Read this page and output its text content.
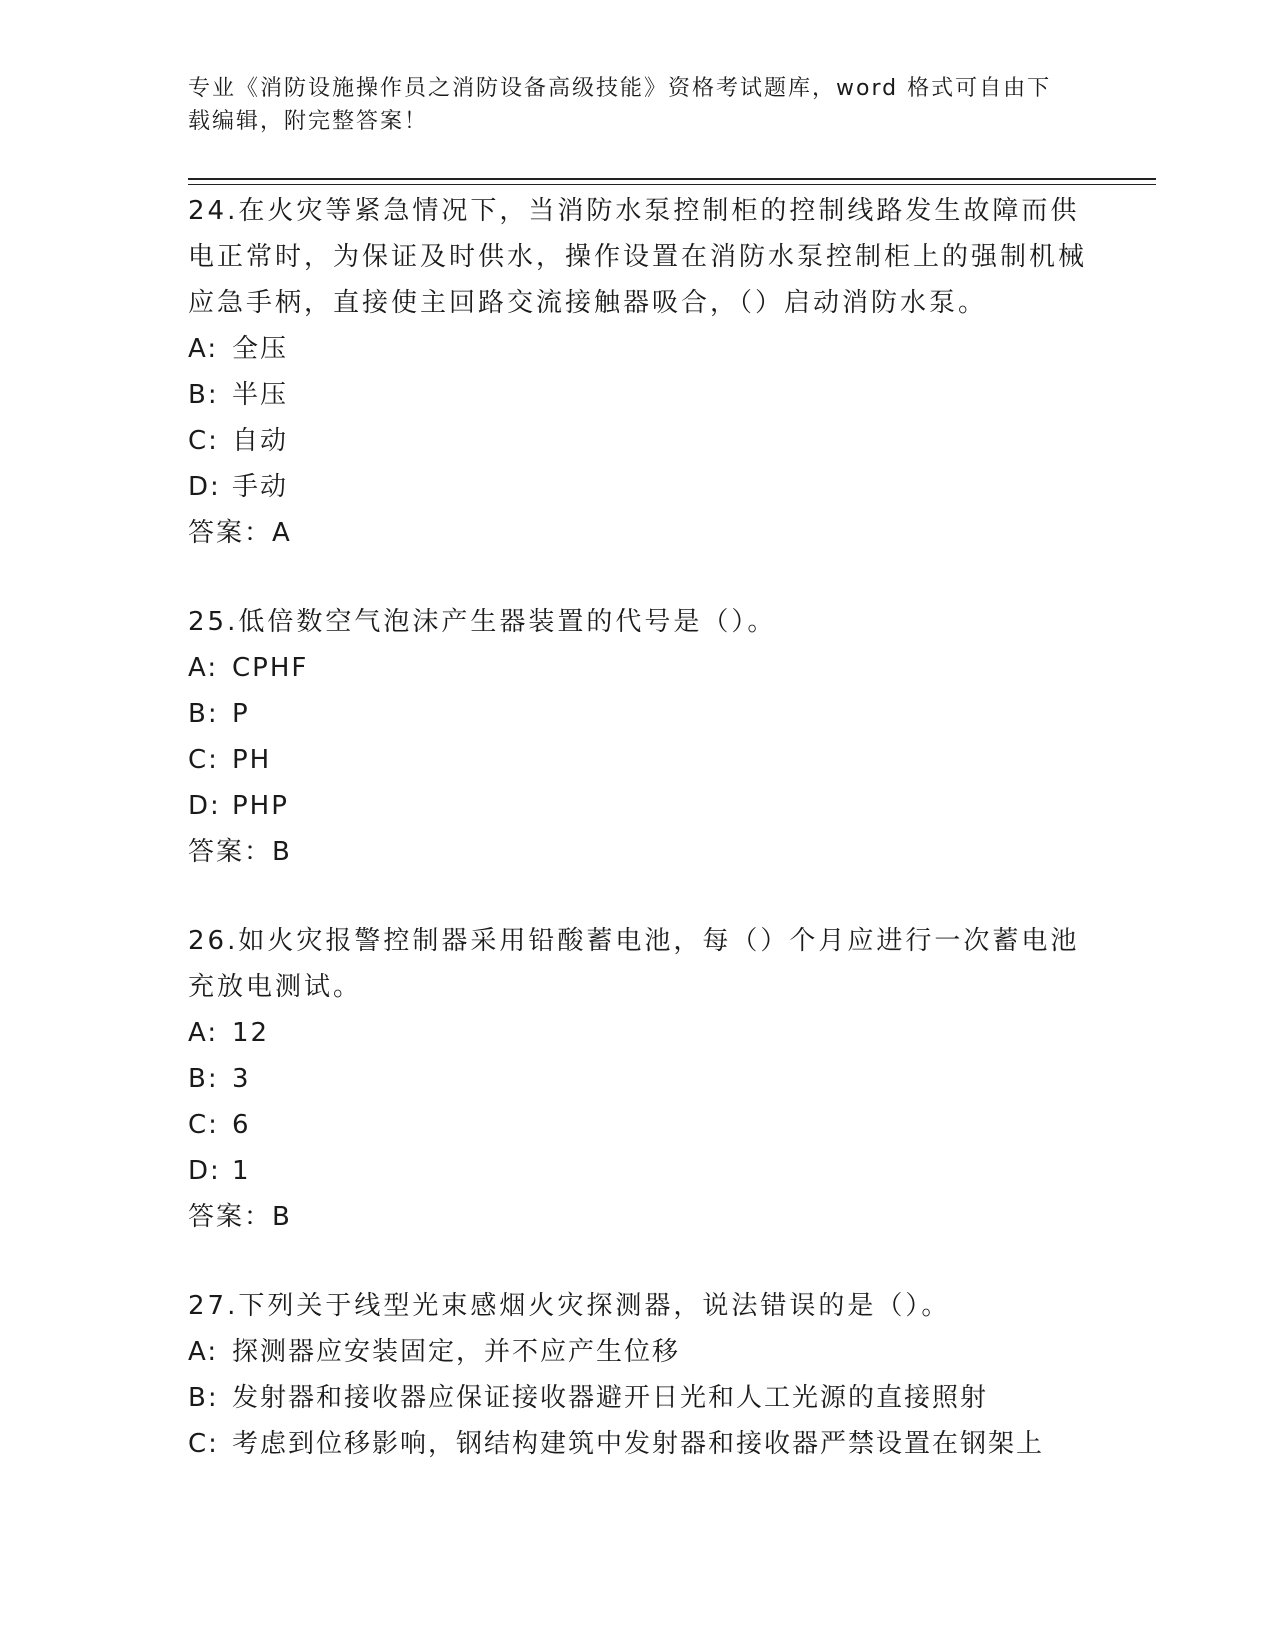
专业《消防设施操作员之消防设备高级技能》资格考试题库，word 格式可自由下载编辑，附完整答案！

24.在火灾等紧急情况下，当消防水泵控制柜的控制线路发生故障而供电正常时，为保证及时供水，操作设置在消防水泵控制柜上的强制机械应急手柄，直接使主回路交流接触器吸合，（）启动消防水泵。

A: 全压

B: 半压

C: 自动

D: 手动

答案：A

25.低倍数空气泡沫产生器装置的代号是（）。

A: CPHF

B: P

C: PH

D: PHP

答案：B

26.如火灾报警控制器采用铅酸蓄电池，每（）个月应进行一次蓄电池充放电测试。

A: 12

B: 3

C: 6

D: 1

答案：B

27.下列关于线型光束感烟火灾探测器，说法错误的是（）。

A: 探测器应安装固定，并不应产生位移

B: 发射器和接收器应保证接收器避开日光和人工光源的直接照射

C: 考虑到位移影响，钢结构建筑中发射器和接收器严禁设置在钢架上
